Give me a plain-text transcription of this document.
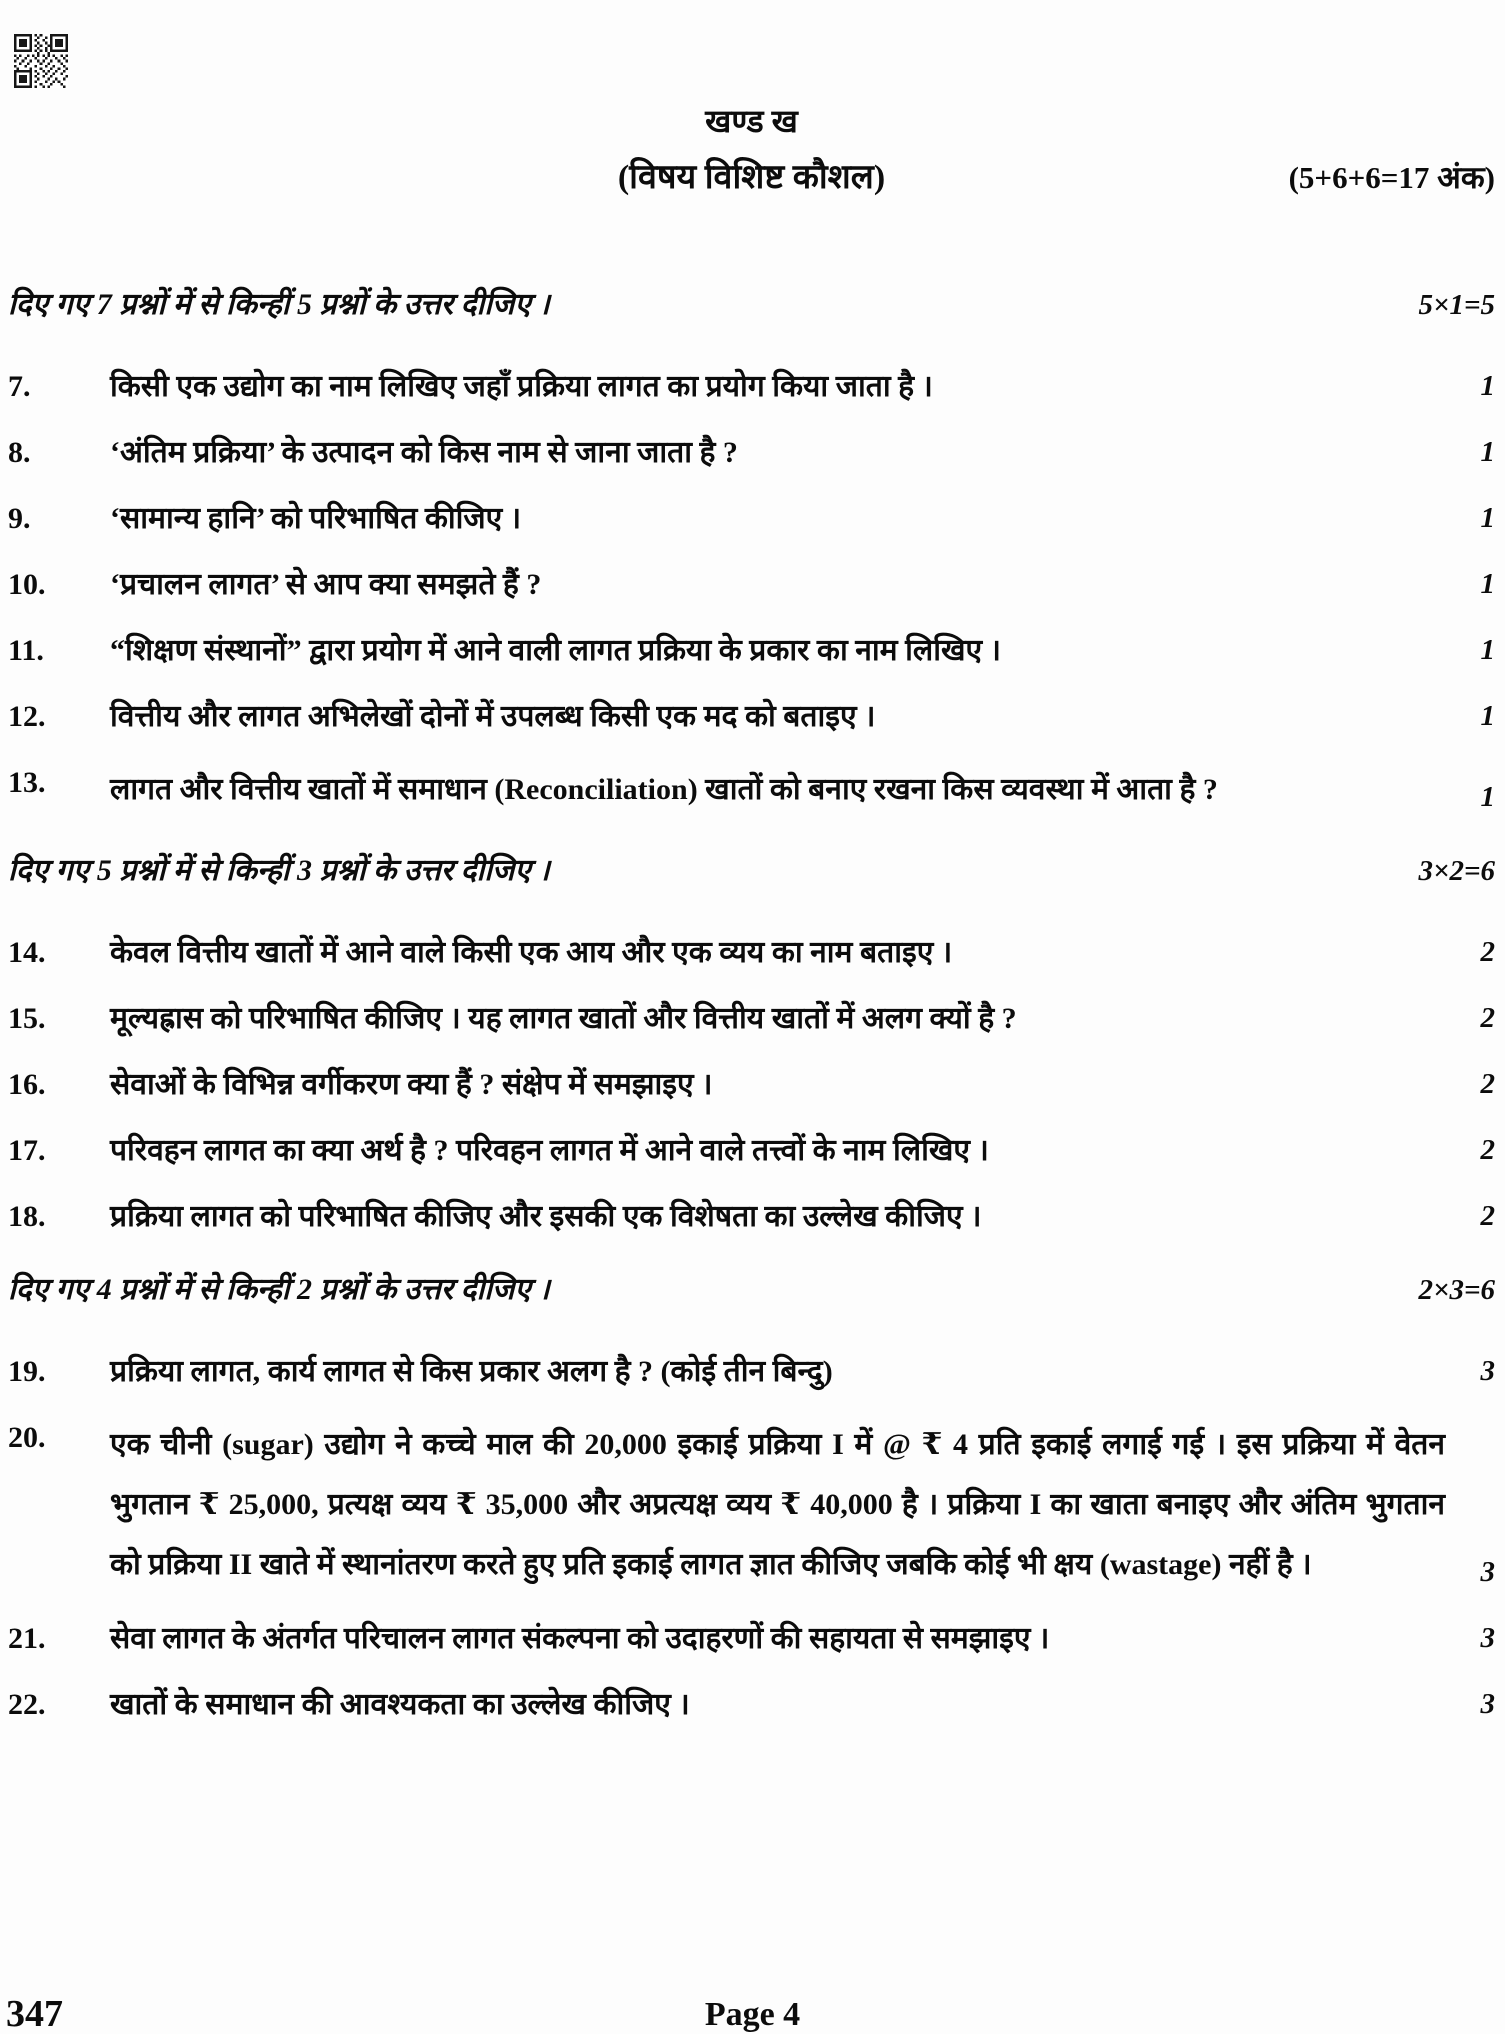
खण्ड ख
(विषय विशिष्ट कौशल)	(5+6+6=17 अंक)
दिए गए 7 प्रश्नों में से किन्हीं 5 प्रश्नों के उत्तर दीजिए ।	5×1=5
7.	किसी एक उद्योग का नाम लिखिए जहाँ प्रक्रिया लागत का प्रयोग किया जाता है ।	1
8.	‘अंतिम प्रक्रिया’ के उत्पादन को किस नाम से जाना जाता है ?	1
9.	‘सामान्य हानि’ को परिभाषित कीजिए ।	1
10.	‘प्रचालन लागत’ से आप क्या समझते हैं ?	1
11.	“शिक्षण संस्थानों” द्वारा प्रयोग में आने वाली लागत प्रक्रिया के प्रकार का नाम लिखिए ।	1
12.	वित्तीय और लागत अभिलेखों दोनों में उपलब्ध किसी एक मद को बताइए ।	1
13.	लागत और वित्तीय खातों में समाधान (Reconciliation) खातों को बनाए रखना किस व्यवस्था में आता है ?	1
दिए गए 5 प्रश्नों में से किन्हीं 3 प्रश्नों के उत्तर दीजिए ।	3×2=6
14.	केवल वित्तीय खातों में आने वाले किसी एक आय और एक व्यय का नाम बताइए ।	2
15.	मूल्यह्रास को परिभाषित कीजिए । यह लागत खातों और वित्तीय खातों में अलग क्यों है ?	2
16.	सेवाओं के विभिन्न वर्गीकरण क्या हैं ? संक्षेप में समझाइए ।	2
17.	परिवहन लागत का क्या अर्थ है ? परिवहन लागत में आने वाले तत्त्वों के नाम लिखिए ।	2
18.	प्रक्रिया लागत को परिभाषित कीजिए और इसकी एक विशेषता का उल्लेख कीजिए ।	2
दिए गए 4 प्रश्नों में से किन्हीं 2 प्रश्नों के उत्तर दीजिए ।	2×3=6
19.	प्रक्रिया लागत, कार्य लागत से किस प्रकार अलग है ? (कोई तीन बिन्दु)	3
20.	एक चीनी (sugar) उद्योग ने कच्चे माल की 20,000 इकाई प्रक्रिया I में @ ₹ 4 प्रति इकाई लगाई गई । इस प्रक्रिया में वेतन भुगतान ₹ 25,000, प्रत्यक्ष व्यय ₹ 35,000 और अप्रत्यक्ष व्यय ₹ 40,000 है । प्रक्रिया I का खाता बनाइए और अंतिम भुगतान को प्रक्रिया II खाते में स्थानांतरण करते हुए प्रति इकाई लागत ज्ञात कीजिए जबकि कोई भी क्षय (wastage) नहीं है ।	3
21.	सेवा लागत के अंतर्गत परिचालन लागत संकल्पना को उदाहरणों की सहायता से समझाइए ।	3
22.	खातों के समाधान की आवश्यकता का उल्लेख कीजिए ।	3
347	Page 4
